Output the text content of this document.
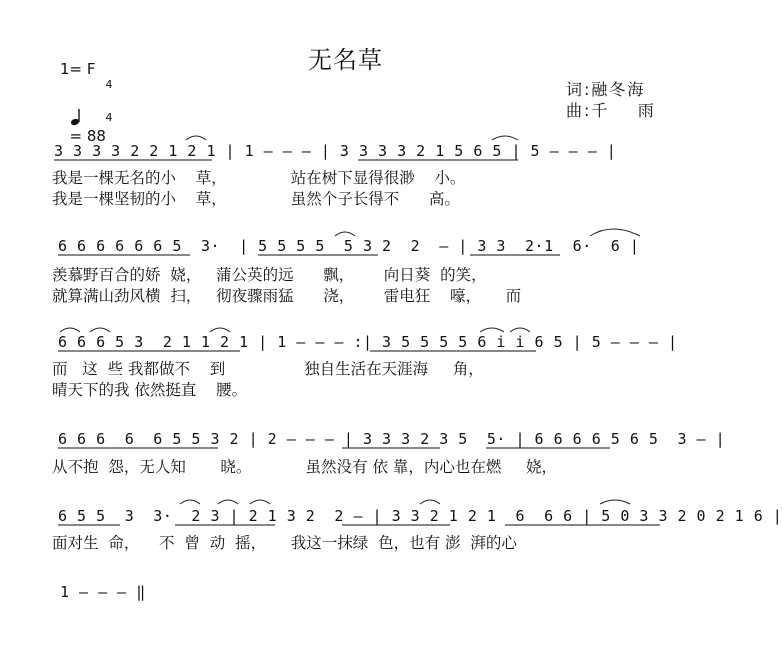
无名草
1= F

4

4

= 88

词:融冬海
曲:千    雨
3 3 3 3 2 2 1 2 1 | 1 — — — | 3 3 3 3 2 1 5 6 5 | 5 — — — |
我是一棵无名的小    草，             站在树下显得很渺    小。
我是一棵坚韧的小    草，             虽然个子长得不      高。
6 6 6 6 6 6 5  3·  | 5 5 5 5  5 3 2  2  — | 3 3  2·1  6·  6 |
羡慕野百合的娇  娆，   蒲公英的远      飘，      向日葵  的笑，
就算满山劲风横  扫，   彻夜骤雨猛      浇，      雷电狂    嚎，     而
6 6 6 5 3  2 1 1 2 1 | 1 — — — :| 3 5 5 5 5 6 i i 6 5 | 5 — — — |
而   这  些 我都做不    到                独自生活在天涯海     角，
晴天下的我 依然挺直    腰。
6 6 6  6  6 5 5 3 2 | 2 — — — | 3 3 3 2 3 5  5· | 6 6 6 6 5 6 5  3 — |
从不抱  怨，无人知       晓。           虽然没有 依 靠，内心也在燃     娆，
6 5 5  3  3·  2 3 | 2 1 3 2  2 — | 3 3 2 1 2 1  6  6 6 | 5 0 3 3 2 0 2 1 6 |
面对生  命，    不  曾  动  摇，     我这一抹绿  色，也有 澎  湃的心
1 — — — ‖
